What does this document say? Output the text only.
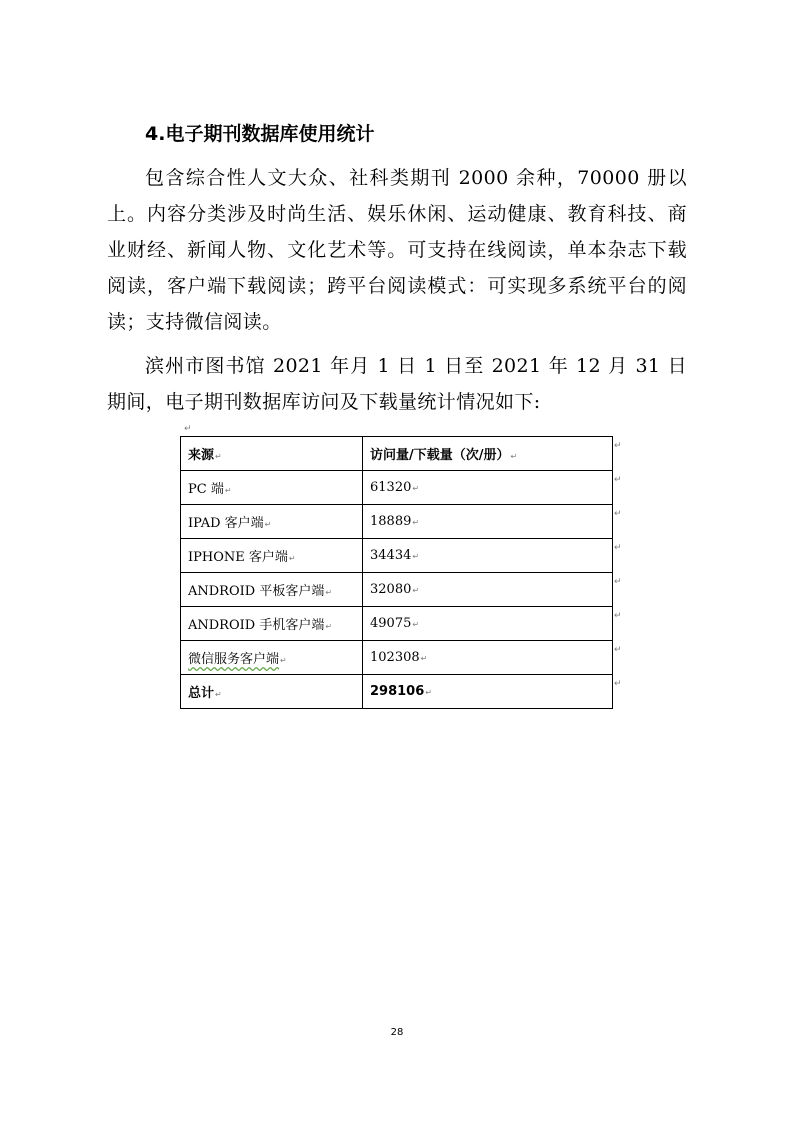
4.电子期刊数据库使用统计

包含综合性人文大众、社科类期刊 2000 余种，70000 册以上。内容分类涉及时尚生活、娱乐休闲、运动健康、教育科技、商业财经、新闻人物、文化艺术等。可支持在线阅读，单本杂志下载阅读，客户端下载阅读；跨平台阅读模式：可实现多系统平台的阅读；支持微信阅读。

滨州市图书馆 2021 年月 1 日 1 日至 2021 年 12 月 31 日期间，电子期刊数据库访问及下载量统计情况如下:

↵
来源↵	访问量/下载量（次/册）↵
PC 端↵	61320↵
IPAD 客户端↵	18889↵
IPHONE 客户端↵	34434↵
ANDROID 平板客户端↵	32080↵
ANDROID 手机客户端↵	49075↵
微信服务客户端↵	102308↵
总计↵	298106↵
↵
↵
↵
↵
↵
↵
↵
↵
28
